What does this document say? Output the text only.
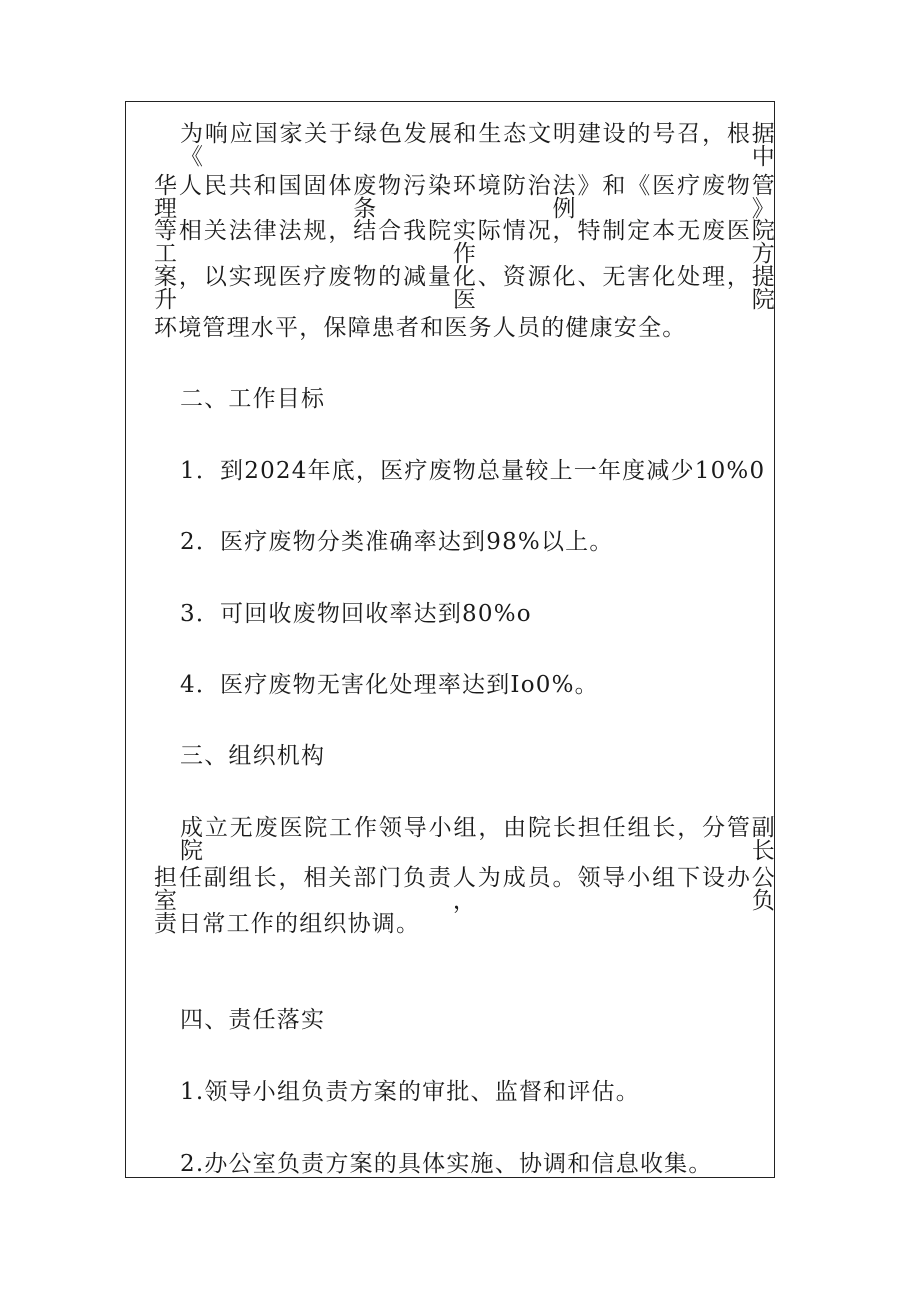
为响应国家关于绿色发展和生态文明建设的号召，根据《中
华人民共和国固体废物污染环境防治法》和《医疗废物管理条例》
等相关法律法规，结合我院实际情况，特制定本无废医院工作方
案，以实现医疗废物的减量化、资源化、无害化处理，提升医院
环境管理水平，保障患者和医务人员的健康安全。
二、工作目标
1．到2024年底，医疗废物总量较上一年度减少10%0
2．医疗废物分类准确率达到98%以上。
3．可回收废物回收率达到80%o
4．医疗废物无害化处理率达到Io0%。
三、组织机构
成立无废医院工作领导小组，由院长担任组长，分管副院长
担任副组长，相关部门负责人为成员。领导小组下设办公室，负
责日常工作的组织协调。
四、责任落实
1.领导小组负责方案的审批、监督和评估。
2.办公室负责方案的具体实施、协调和信息收集。
